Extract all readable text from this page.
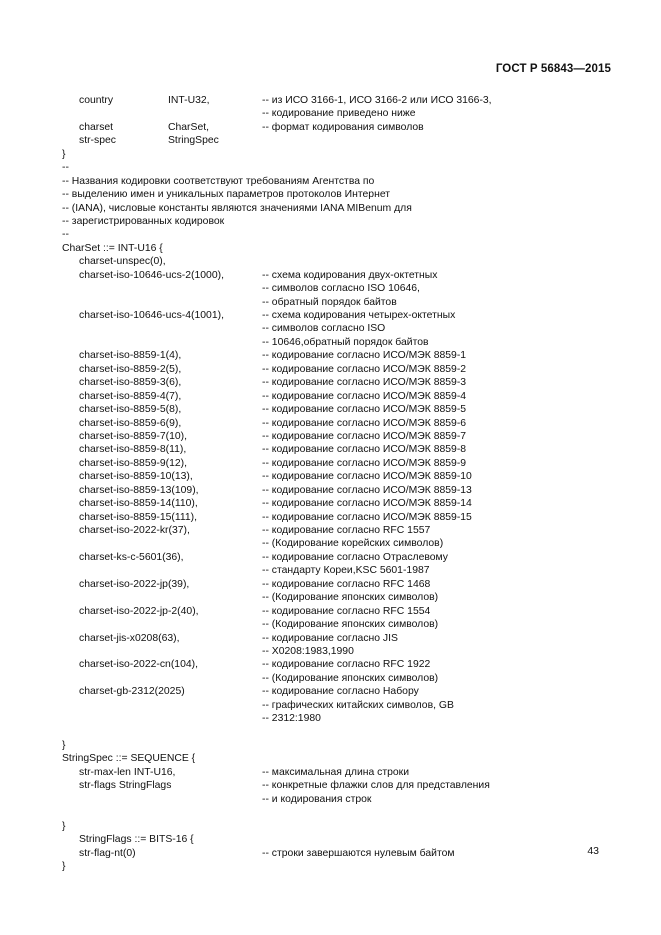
ГОСТ Р 56843—2015
country	INT-U32,	-- из ИСО 3166-1, ИСО 3166-2 или ИСО 3166-3,
-- кодирование приведено ниже
charset	CharSet,	-- формат кодирования символов
str-spec	StringSpec
}
--
-- Названия кодировки соответствуют требованиям Агентства по
-- выделению имен и уникальных параметров протоколов Интернет
-- (IANA), числовые константы являются значениями IANA MIBenum для
-- зарегистрированных кодировок
--
CharSet ::= INT-U16 {
charset-unspec(0),
charset-iso-10646-ucs-2(1000),	-- схема кодирования двух-октетных
-- символов согласно ISO 10646,
-- обратный порядок байтов
charset-iso-10646-ucs-4(1001),	-- схема кодирования четырех-октетных
-- символов согласно ISO
-- 10646,обратный порядок байтов
charset-iso-8859-1(4),	-- кодирование согласно ИСО/МЭК 8859-1
charset-iso-8859-2(5),	-- кодирование согласно ИСО/МЭК 8859-2
charset-iso-8859-3(6),	-- кодирование согласно ИСО/МЭК 8859-3
charset-iso-8859-4(7),	-- кодирование согласно ИСО/МЭК 8859-4
charset-iso-8859-5(8),	-- кодирование согласно ИСО/МЭК 8859-5
charset-iso-8859-6(9),	-- кодирование согласно ИСО/МЭК 8859-6
charset-iso-8859-7(10),	-- кодирование согласно ИСО/МЭК 8859-7
charset-iso-8859-8(11),	-- кодирование согласно ИСО/МЭК 8859-8
charset-iso-8859-9(12),	-- кодирование согласно ИСО/МЭК 8859-9
charset-iso-8859-10(13),	-- кодирование согласно ИСО/МЭК 8859-10
charset-iso-8859-13(109),	-- кодирование согласно ИСО/МЭК 8859-13
charset-iso-8859-14(110),	-- кодирование согласно ИСО/МЭК 8859-14
charset-iso-8859-15(111),	-- кодирование согласно ИСО/МЭК 8859-15
charset-iso-2022-kr(37),	-- кодирование согласно RFC 1557
-- (Кодирование корейских символов)
charset-ks-c-5601(36),	-- кодирование согласно Отраслевому
-- стандарту Кореи,KSC 5601-1987
charset-iso-2022-jp(39),	-- кодирование согласно RFC 1468
-- (Кодирование японских символов)
charset-iso-2022-jp-2(40),	-- кодирование согласно RFC 1554
-- (Кодирование японских символов)
charset-jis-x0208(63),	-- кодирование согласно JIS
-- X0208:1983,1990
charset-iso-2022-cn(104),	-- кодирование согласно RFC 1922
-- (Кодирование японских символов)
charset-gb-2312(2025)	-- кодирование согласно Набору
-- графических китайских символов, GB
-- 2312:1980
}
StringSpec ::= SEQUENCE {
str-max-len INT-U16,	-- максимальная длина строки
str-flags StringFlags	-- конкретные флажки слов для представления
-- и кодирования строк
}
StringFlags ::= BITS-16 {
str-flag-nt(0)	-- строки завершаются нулевым байтом
}
43
